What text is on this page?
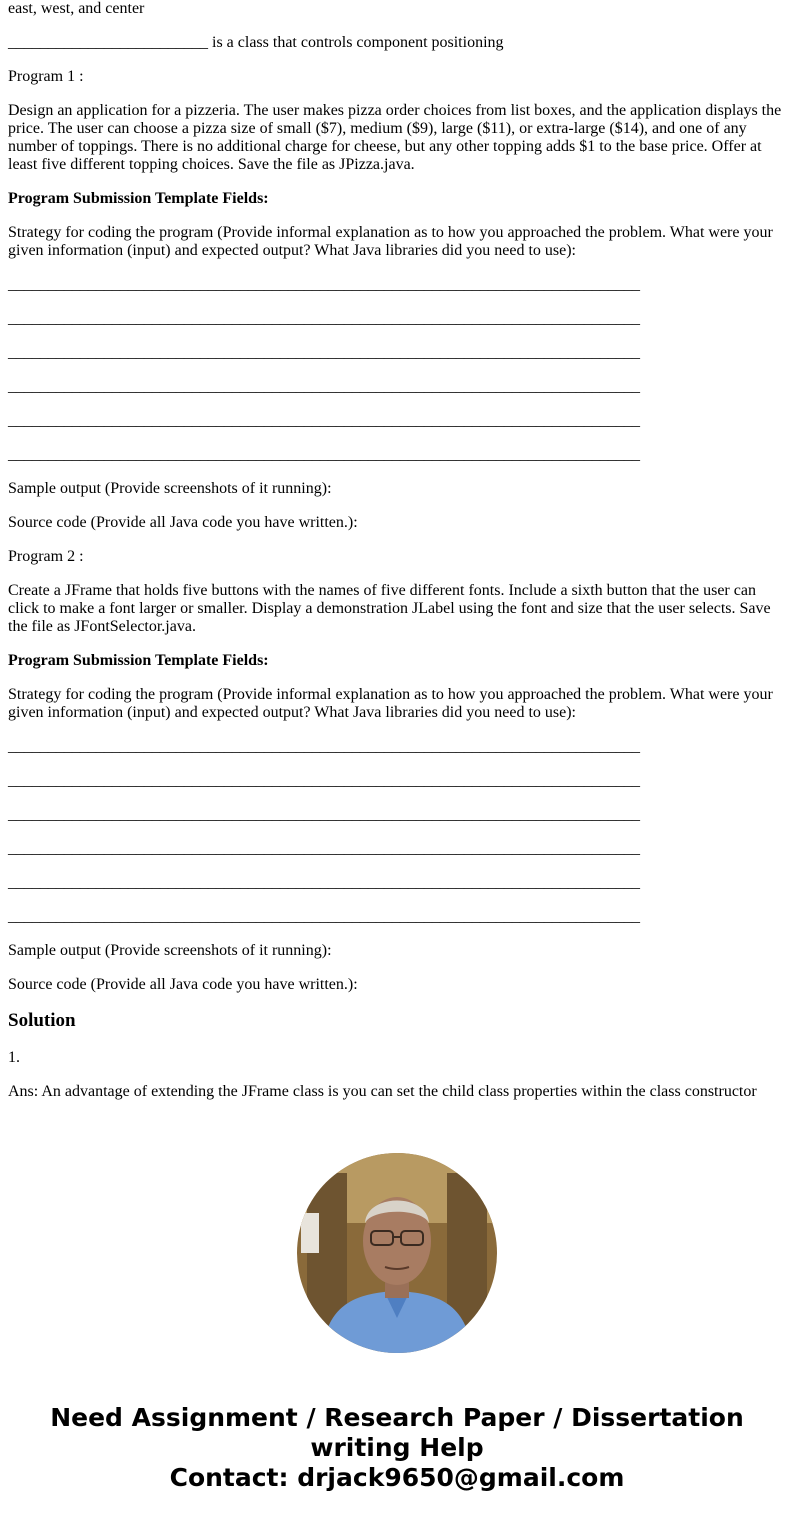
east, west, and center

_________________________ is a class that controls component positioning

Program 1 :

Design an application for a pizzeria. The user makes pizza order choices from list boxes, and the application displays the price. The user can choose a pizza size of small ($7), medium ($9), large ($11), or extra-large ($14), and one of any number of toppings. There is no additional charge for cheese, but any other topping adds $1 to the base price. Offer at least five different topping choices. Save the file as JPizza.java.

Program Submission Template Fields:

Strategy for coding the program (Provide informal explanation as to how you approached the problem. What were your given information (input) and expected output? What Java libraries did you need to use):

_______________________________________________________________________________
_______________________________________________________________________________
_______________________________________________________________________________
_______________________________________________________________________________
_______________________________________________________________________________
_______________________________________________________________________________

Sample output (Provide screenshots of it running):

Source code (Provide all Java code you have written.):

Program 2 :

Create a JFrame that holds five buttons with the names of five different fonts. Include a sixth button that the user can click to make a font larger or smaller. Display a demonstration JLabel using the font and size that the user selects. Save the file as JFontSelector.java.

Program Submission Template Fields:

Strategy for coding the program (Provide informal explanation as to how you approached the problem. What were your given information (input) and expected output? What Java libraries did you need to use):

_______________________________________________________________________________
_______________________________________________________________________________
_______________________________________________________________________________
_______________________________________________________________________________
_______________________________________________________________________________
_______________________________________________________________________________

Sample output (Provide screenshots of it running):

Source code (Provide all Java code you have written.):

Solution

1.

Ans: An advantage of extending the JFrame class is you can set the child class properties within the class constructor

Need Assignment / Research Paper / Dissertation writing Help
Contact: drjack9650@gmail.com
